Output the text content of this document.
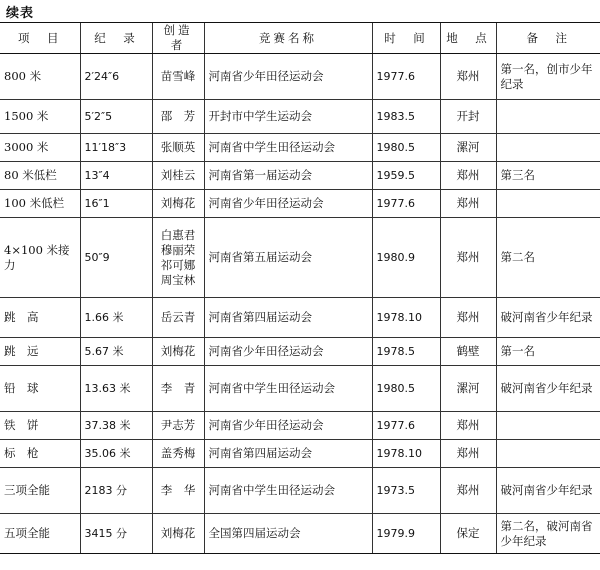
续表
项　目	纪　录	创造者	竞赛名称	时　间	地　点	备　注
800 米	2′24″6	苗雪峰	河南省少年田径运动会	1977.6	郑州	第一名，创市少年纪录
1500 米	5′2″5	邵　芳	开封市中学生运动会	1983.5	开封	
3000 米	11′18″3	张顺英	河南省中学生田径运动会	1980.5	漯河	
80 米低栏	13″4	刘桂云	河南省第一届运动会	1959.5	郑州	第三名
100 米低栏	16″1	刘梅花	河南省少年田径运动会	1977.6	郑州	
4×100 米接力	50″9	白惠君 穆丽荣 祁可娜 周宝林	河南省第五届运动会	1980.9	郑州	第二名
跳　高	1.66 米	岳云青	河南省第四届运动会	1978.10	郑州	破河南省少年纪录
跳　远	5.67 米	刘梅花	河南省少年田径运动会	1978.5	鹤壁	第一名
铅　球	13.63 米	李　青	河南省中学生田径运动会	1980.5	漯河	破河南省少年纪录
铁　饼	37.38 米	尹志芳	河南省少年田径运动会	1977.6	郑州	
标　枪	35.06 米	盖秀梅	河南省第四届运动会	1978.10	郑州	
三项全能	2183 分	李　华	河南省中学生田径运动会	1973.5	郑州	破河南省少年纪录
五项全能	3415 分	刘梅花	全国第四届运动会	1979.9	保定	第二名，破河南省少年纪录
